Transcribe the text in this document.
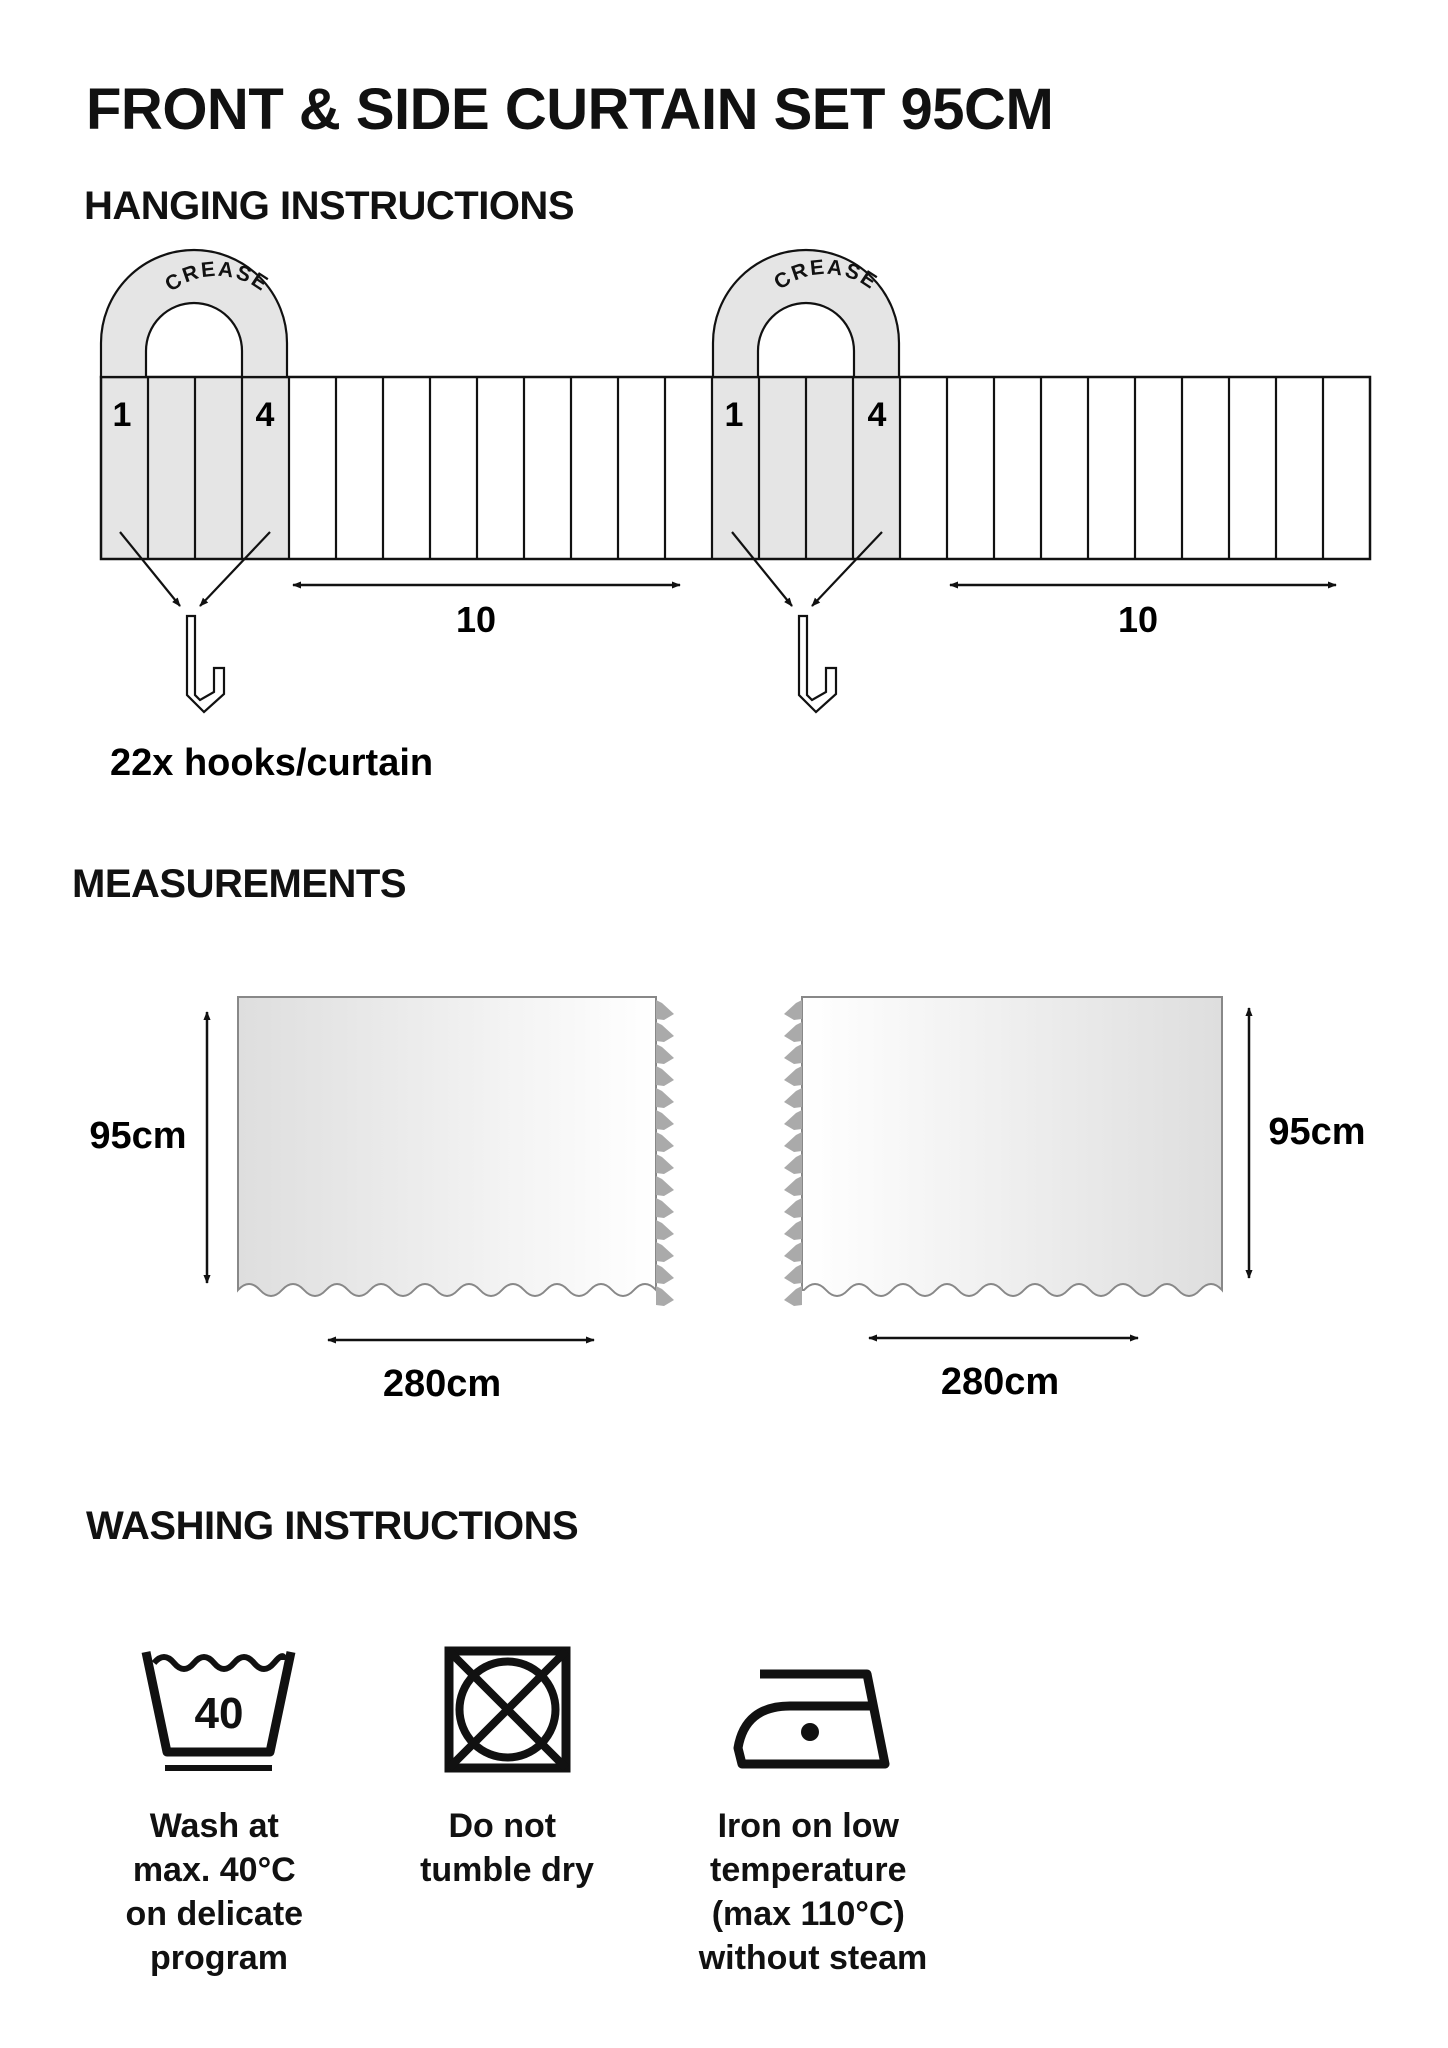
FRONT & SIDE CURTAIN SET 95CM
HANGING INSTRUCTIONS
MEASUREMENTS
WASHING INSTRUCTIONS
CREASE	CREASE
1	4	1	4
22x hooks/curtain
10	10
95cm
280cm
95cm
280cm
40
Wash at max. 40°C on delicate program
Do not tumble dry
Iron on low temperature (max 110°C) without steam
